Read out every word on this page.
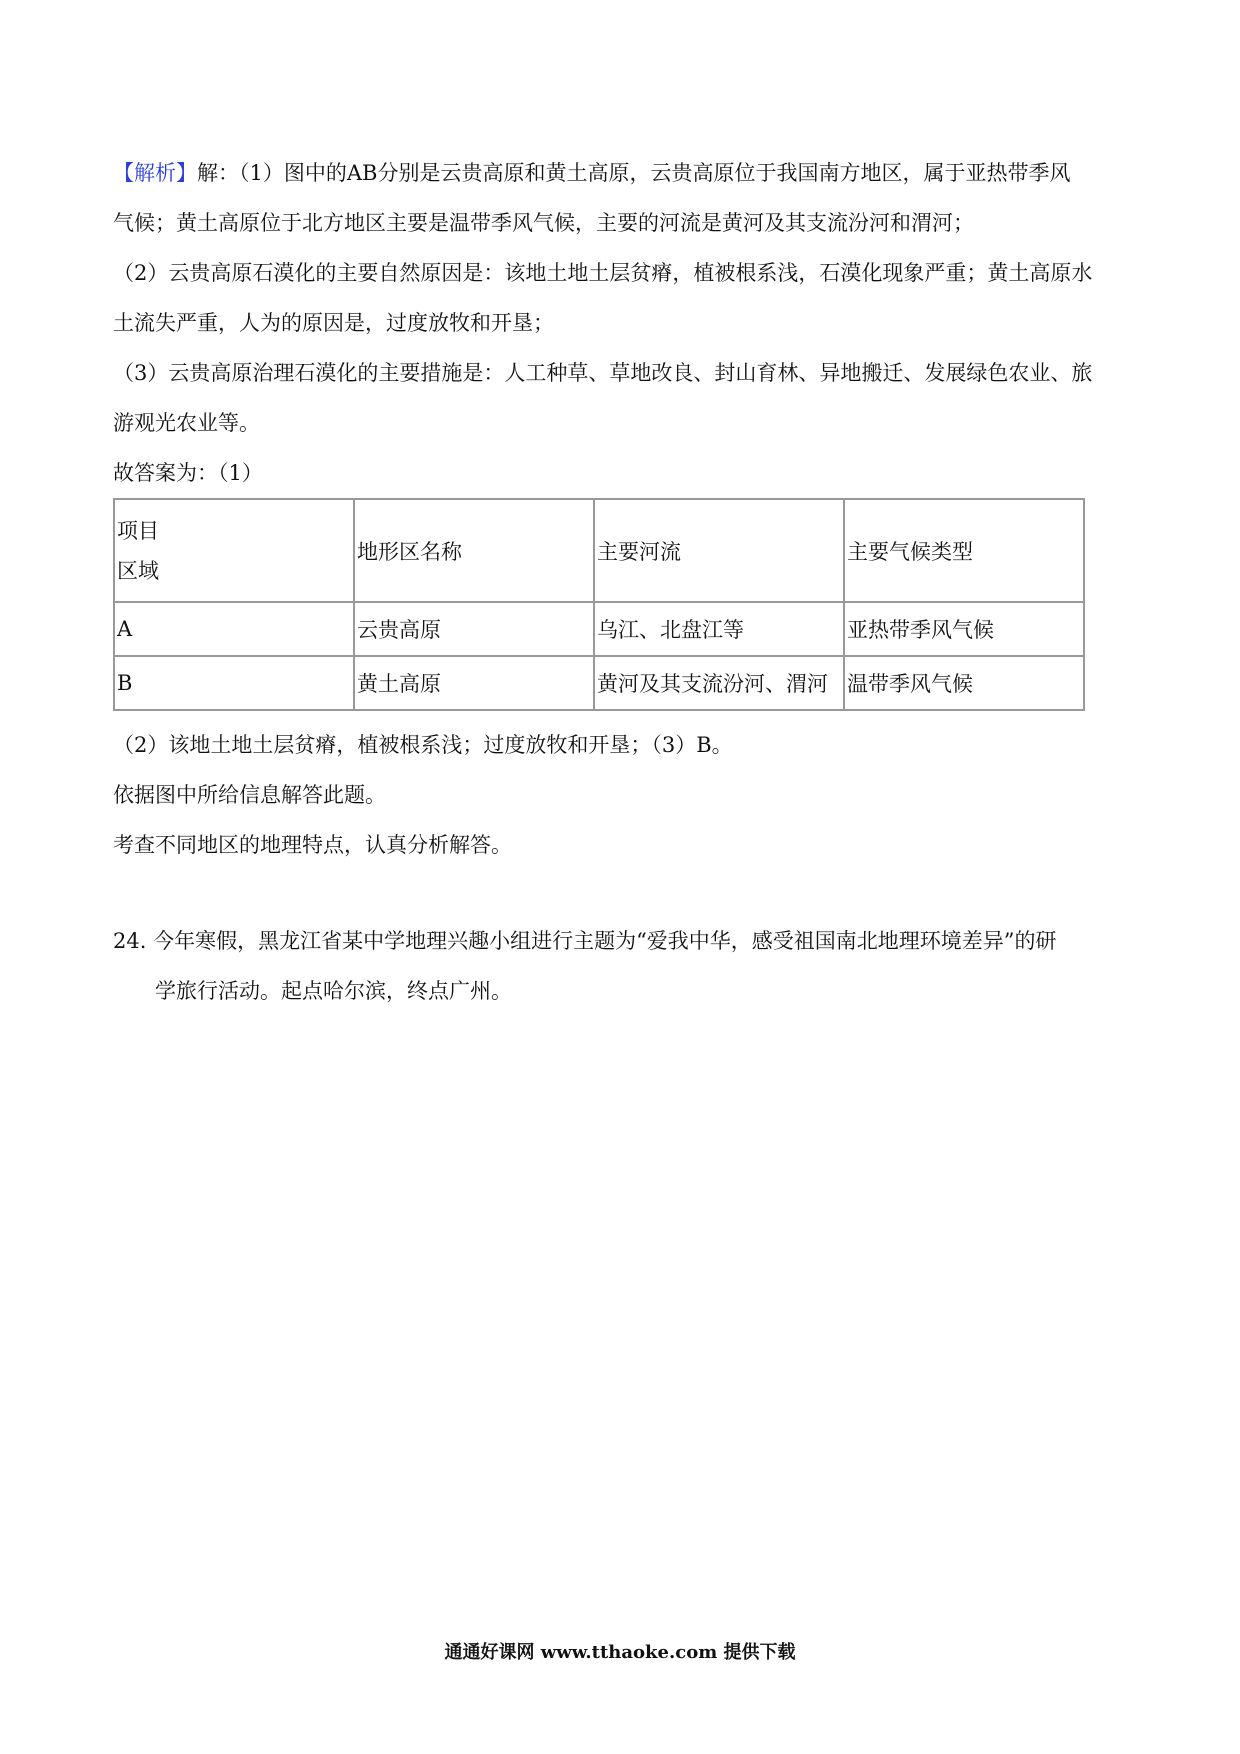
【解析】解：（1）图中的AB分别是云贵高原和黄土高原，云贵高原位于我国南方地区，属于亚热带季风
气候；黄土高原位于北方地区主要是温带季风气候，主要的河流是黄河及其支流汾河和渭河；
（2）云贵高原石漠化的主要自然原因是：该地土地土层贫瘠，植被根系浅，石漠化现象严重；黄土高原水
土流失严重，人为的原因是，过度放牧和开垦；
（3）云贵高原治理石漠化的主要措施是：人工种草、草地改良、封山育林、异地搬迁、发展绿色农业、旅
游观光农业等。
故答案为：（1）
项目
区域	地形区名称	主要河流	主要气候类型
A	云贵高原	乌江、北盘江等	亚热带季风气候
B	黄土高原	黄河及其支流汾河、渭河	温带季风气候
（2）该地土地土层贫瘠，植被根系浅；过度放牧和开垦；（3）B。
依据图中所给信息解答此题。
考查不同地区的地理特点，认真分析解答。
24. 今年寒假，黑龙江省某中学地理兴趣小组进行主题为“爱我中华，感受祖国南北地理环境差异”的研
学旅行活动。起点哈尔滨，终点广州。
通通好课网 www.tthaoke.com 提供下载
